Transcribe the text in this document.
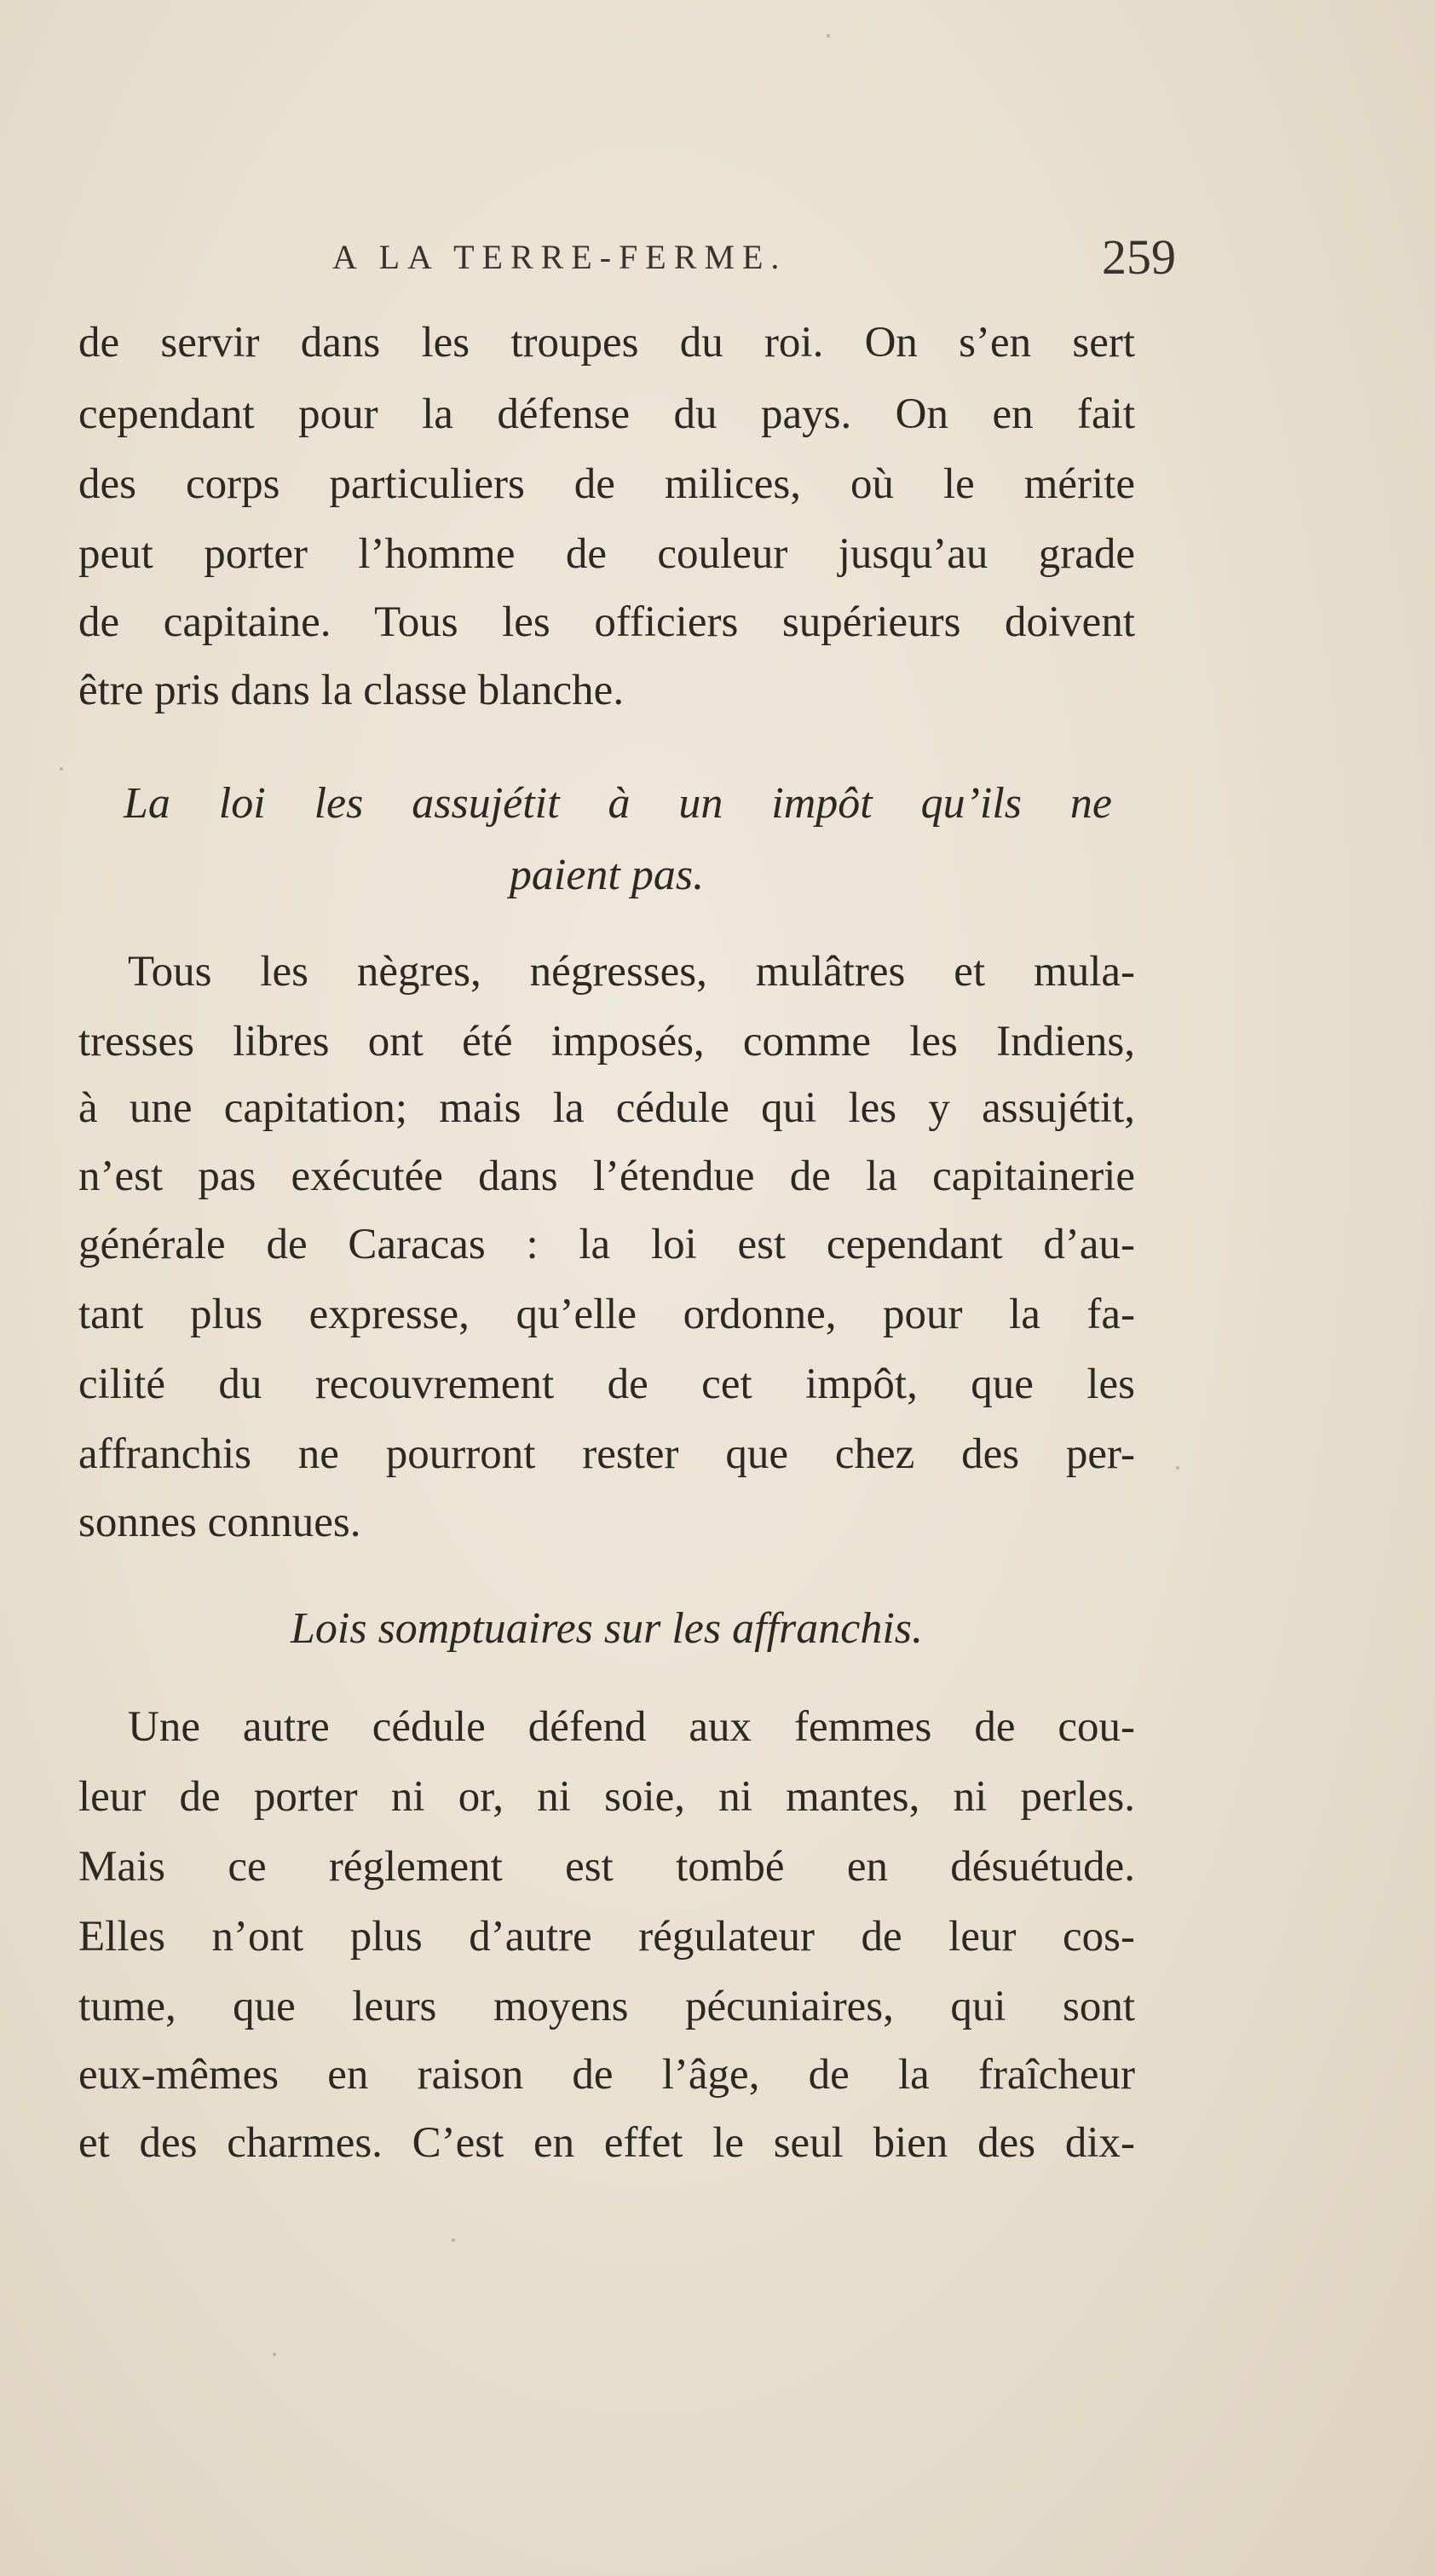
A LA TERRE-FERME.	259
de servir dans les troupes du roi. On s’en sert
cependant pour la défense du pays. On en fait
des corps particuliers de milices, où le mérite
peut porter l’homme de couleur jusqu’au grade
de capitaine. Tous les officiers supérieurs doivent
être pris dans la classe blanche.
La loi les assujétit à un impôt qu’ils ne
paient pas.
Tous les nègres, négresses, mulâtres et mula-
tresses libres ont été imposés, comme les Indiens,
à une capitation; mais la cédule qui les y assujétit,
n’est pas exécutée dans l’étendue de la capitainerie
générale de Caracas : la loi est cependant d’au-
tant plus expresse, qu’elle ordonne, pour la fa-
cilité du recouvrement de cet impôt, que les
affranchis ne pourront rester que chez des per-
sonnes connues.
Lois somptuaires sur les affranchis.
Une autre cédule défend aux femmes de cou-
leur de porter ni or, ni soie, ni mantes, ni perles.
Mais ce réglement est tombé en désuétude.
Elles n’ont plus d’autre régulateur de leur cos-
tume, que leurs moyens pécuniaires, qui sont
eux-mêmes en raison de l’âge, de la fraîcheur
et des charmes. C’est en effet le seul bien des dix-
